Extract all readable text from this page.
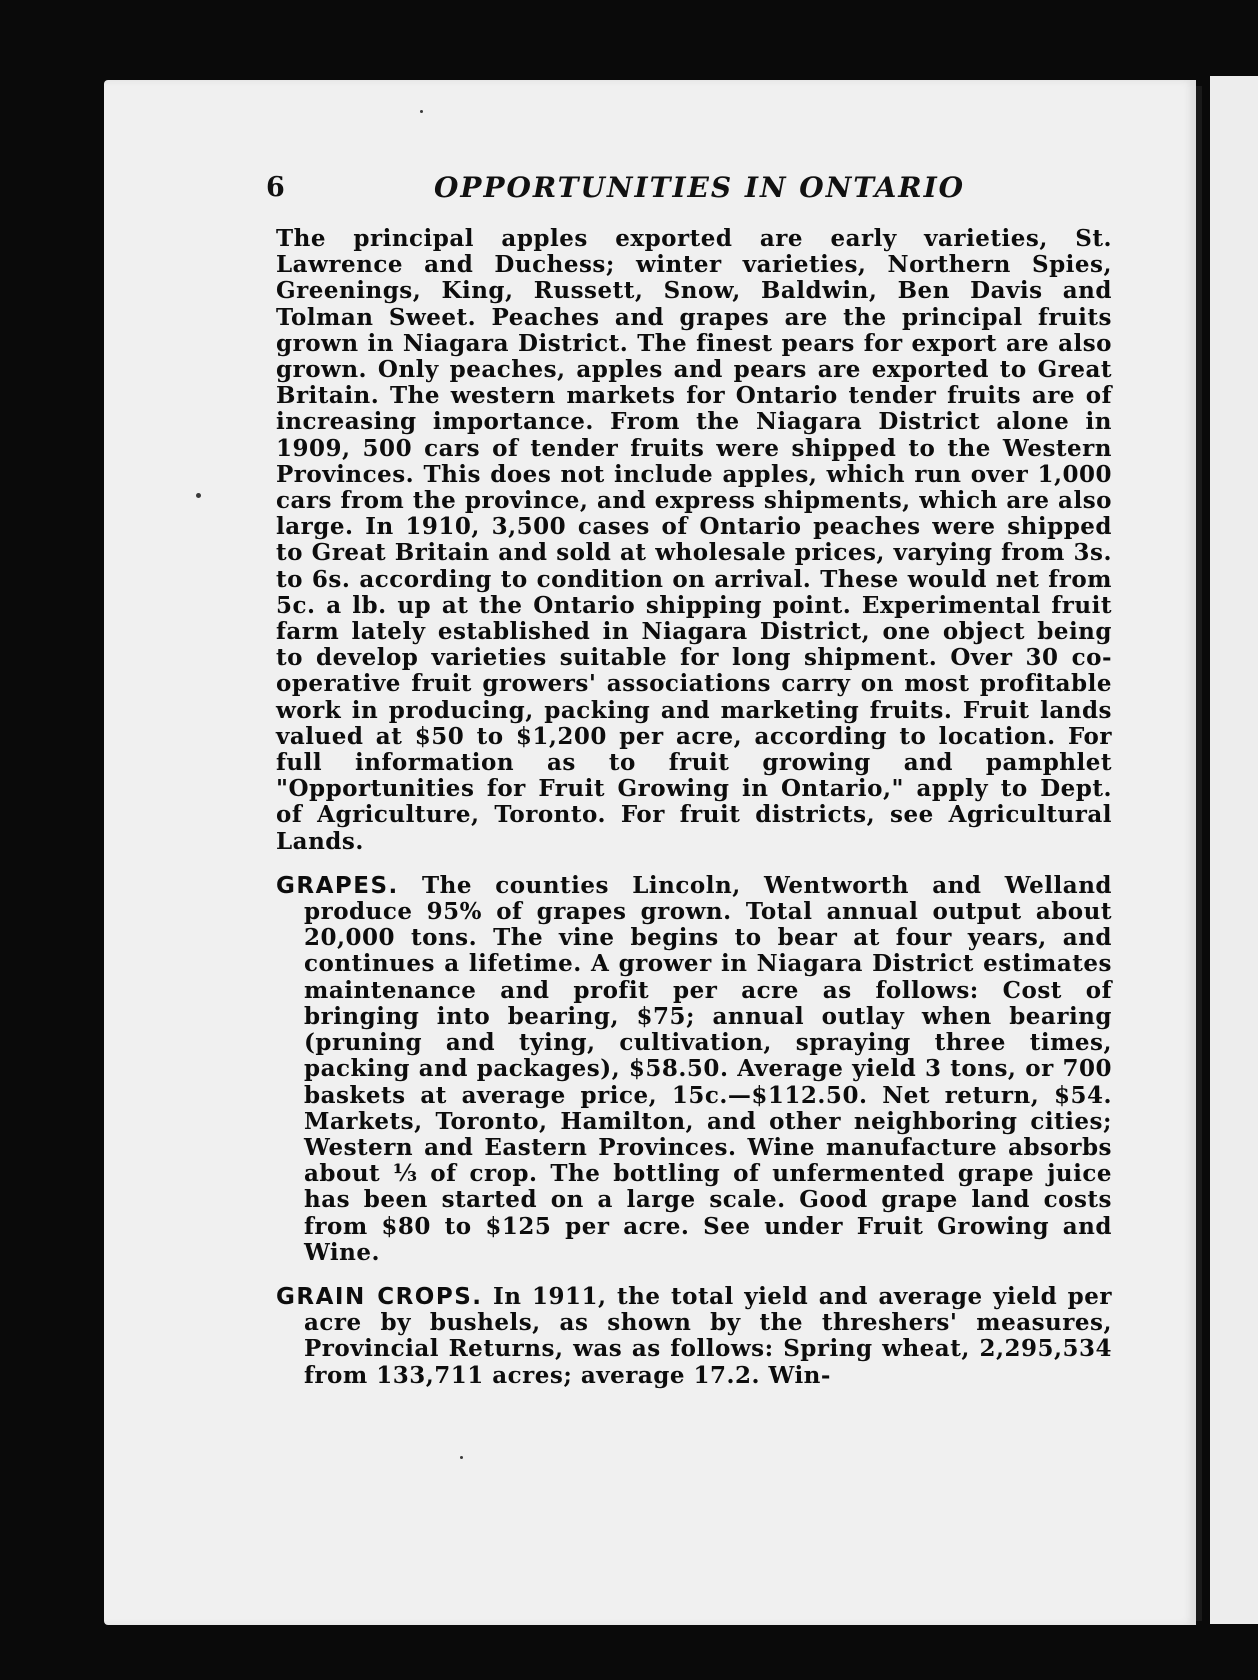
6	OPPORTUNITIES IN ONTARIO

The principal apples exported are early varieties, St. Lawrence and Duchess; winter varieties, Northern Spies, Greenings, King, Russett, Snow, Baldwin, Ben Davis and Tolman Sweet. Peaches and grapes are the principal fruits grown in Niagara District. The finest pears for export are also grown. Only peaches, apples and pears are exported to Great Britain. The western markets for Ontario tender fruits are of increasing importance. From the Niagara District alone in 1909, 500 cars of tender fruits were shipped to the Western Provinces. This does not include apples, which run over 1,000 cars from the province, and express shipments, which are also large. In 1910, 3,500 cases of Ontario peaches were shipped to Great Britain and sold at wholesale prices, varying from 3s. to 6s. according to condition on arrival. These would net from 5c. a lb. up at the Ontario shipping point. Experimental fruit farm lately established in Niagara District, one object being to develop varieties suitable for long shipment. Over 30 co-operative fruit growers' associations carry on most profitable work in producing, packing and marketing fruits. Fruit lands valued at $50 to $1,200 per acre, according to location. For full information as to fruit growing and pamphlet "Opportunities for Fruit Growing in Ontario," apply to Dept. of Agriculture, Toronto. For fruit districts, see Agricultural Lands.

GRAPES. The counties Lincoln, Wentworth and Welland produce 95% of grapes grown. Total annual output about 20,000 tons. The vine begins to bear at four years, and continues a lifetime. A grower in Niagara District estimates maintenance and profit per acre as follows: Cost of bringing into bearing, $75; annual outlay when bearing (pruning and tying, cultivation, spraying three times, packing and packages), $58.50. Average yield 3 tons, or 700 baskets at average price, 15c.—$112.50. Net return, $54. Markets, Toronto, Hamilton, and other neighboring cities; Western and Eastern Provinces. Wine manufacture absorbs about ⅓ of crop. The bottling of unfermented grape juice has been started on a large scale. Good grape land costs from $80 to $125 per acre. See under Fruit Growing and Wine.

GRAIN CROPS. In 1911, the total yield and average yield per acre by bushels, as shown by the threshers' measures, Provincial Returns, was as follows: Spring wheat, 2,295,534 from 133,711 acres; average 17.2. Win-
